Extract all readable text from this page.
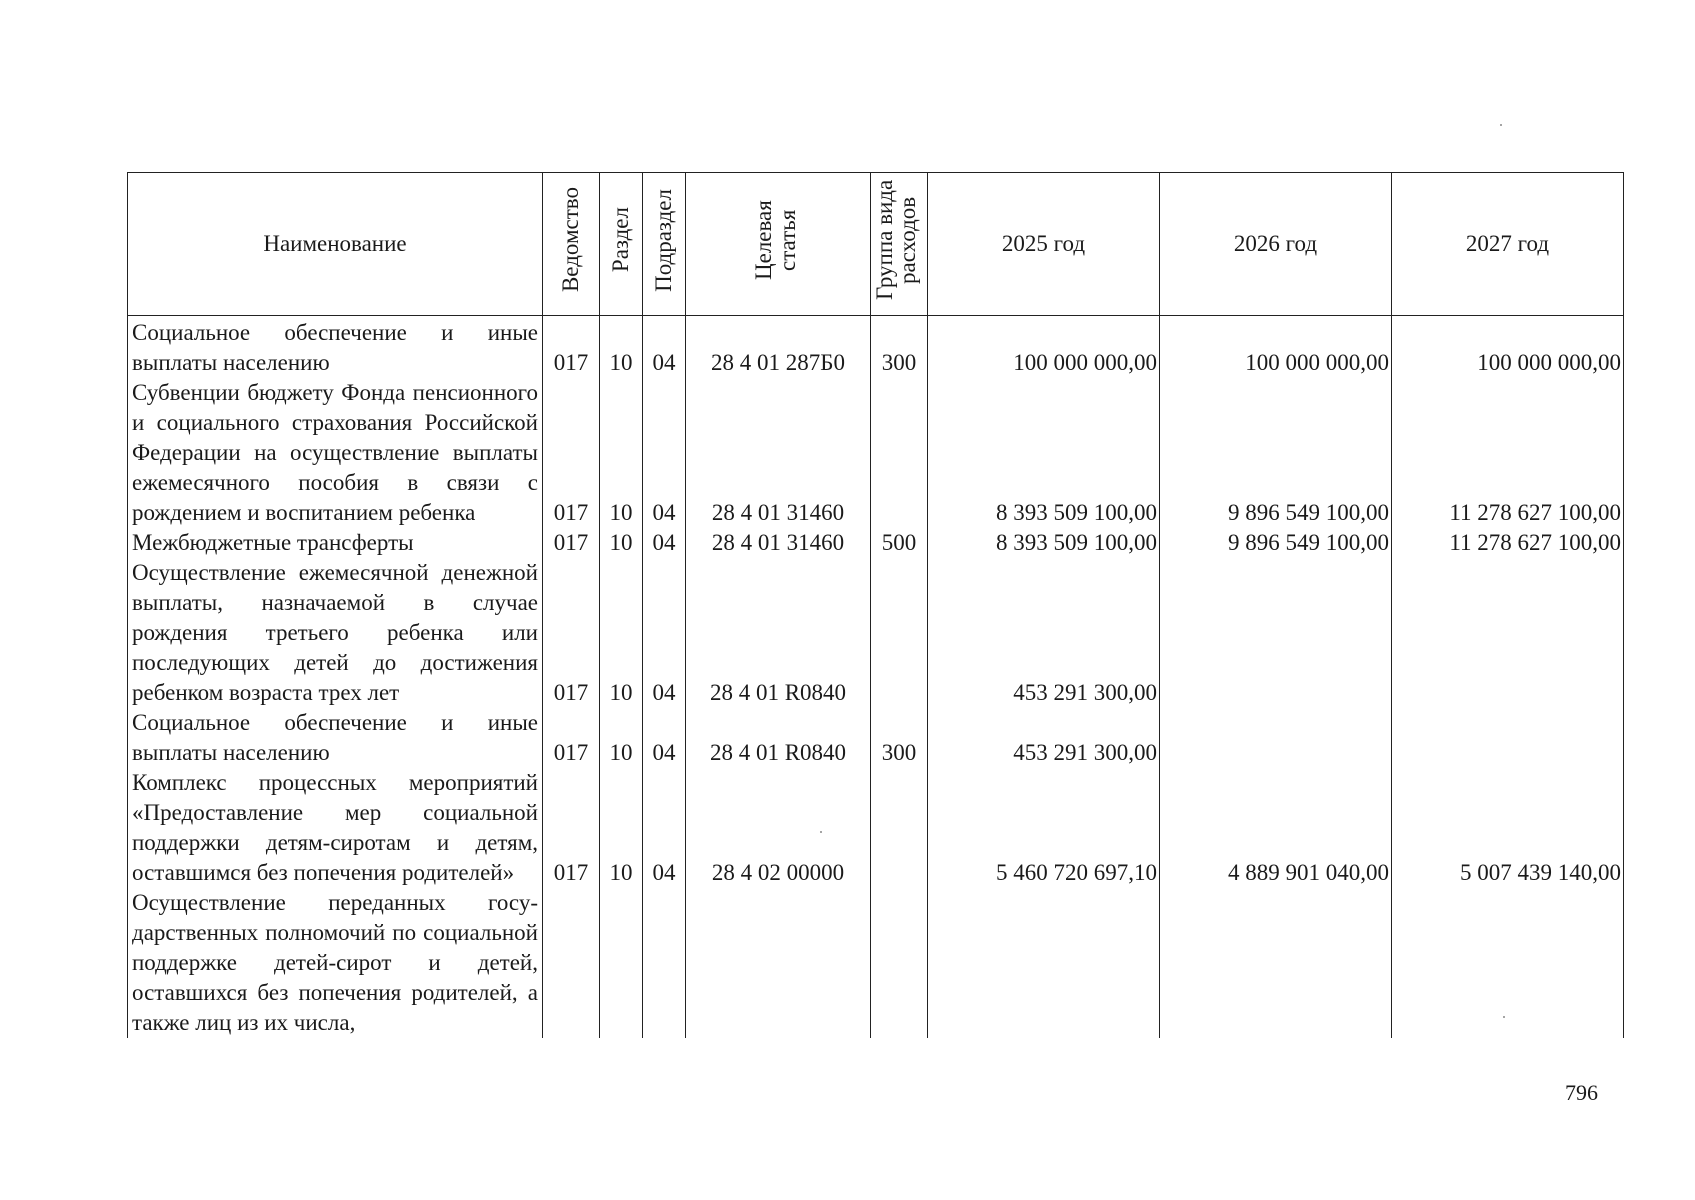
Наименование	Ведомство	Раздел	Подраздел	Целевая статья	Группа вида расходов	2025 год	2026 год	2027 год
Социальное обеспечение и иные выплаты населению	017	10	04	28 4 01 287Б0	300	100 000 000,00	100 000 000,00	100 000 000,00
Субвенции бюджету Фонда пенсионного и социального страхования Российской Федерации на осуществление выплаты ежемесячного пособия в связи с рождением и воспитанием ребенка	017	10	04	28 4 01 31460		8 393 509 100,00	9 896 549 100,00	11 278 627 100,00
Межбюджетные трансферты	017	10	04	28 4 01 31460	500	8 393 509 100,00	9 896 549 100,00	11 278 627 100,00
Осуществление ежемесячной денежной выплаты, назначаемой в случае рождения третьего ребенка или последующих детей до достижения ребенком возраста трех лет	017	10	04	28 4 01 R0840		453 291 300,00		
Социальное обеспечение и иные выплаты населению	017	10	04	28 4 01 R0840	300	453 291 300,00		
Комплекс процессных мероприятий «Предоставление мер социальной поддержки детям-сиротам и детям, оставшимся без попечения родителей»	017	10	04	28 4 02 00000		5 460 720 697,10	4 889 901 040,00	5 007 439 140,00
Осуществление переданных государственных полномочий по социальной поддержке детей-сирот и детей, оставшихся без попечения родителей, а также лиц из их числа,								
796
